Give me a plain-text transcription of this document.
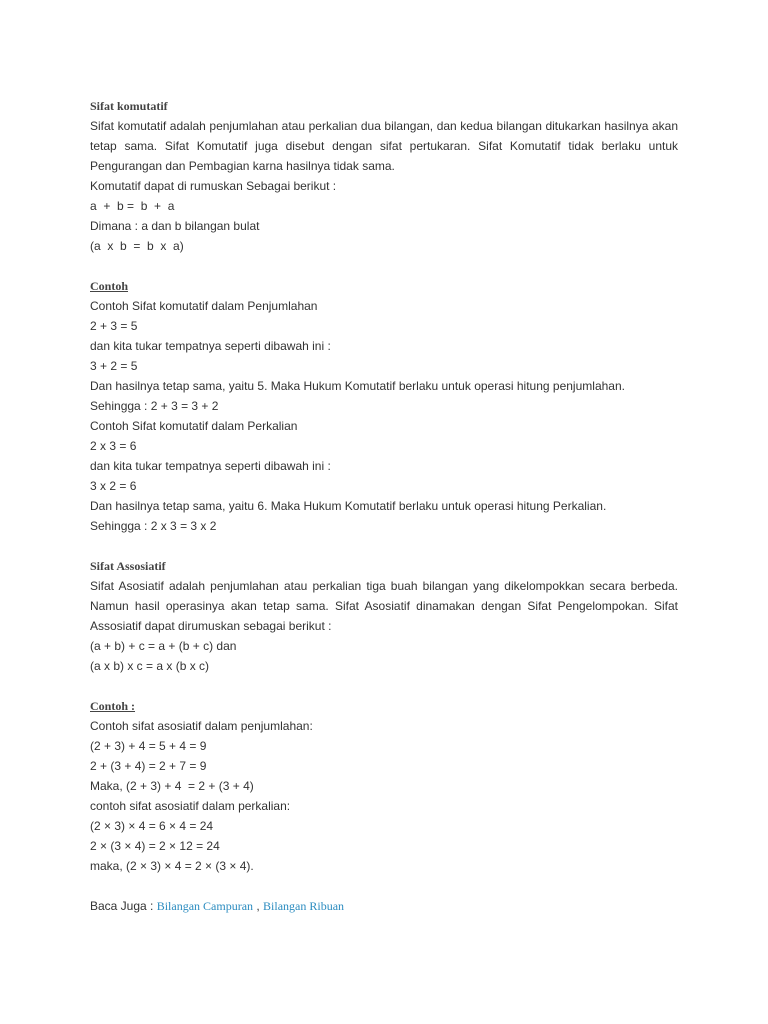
Sifat komutatif
Sifat komutatif adalah penjumlahan atau perkalian dua bilangan, dan kedua bilangan ditukarkan hasilnya akan tetap sama. Sifat Komutatif juga disebut dengan sifat pertukaran. Sifat Komutatif tidak berlaku untuk Pengurangan dan Pembagian karna hasilnya tidak sama.
Komutatif dapat di rumuskan Sebagai berikut :
a  +  b =  b  +  a
Dimana : a dan b bilangan bulat
(a  x  b  =  b  x  a)
Contoh
Contoh Sifat komutatif dalam Penjumlahan
2 + 3 = 5
dan kita tukar tempatnya seperti dibawah ini :
3 + 2 = 5
Dan hasilnya tetap sama, yaitu 5. Maka Hukum Komutatif berlaku untuk operasi hitung penjumlahan.
Sehingga : 2 + 3 = 3 + 2
Contoh Sifat komutatif dalam Perkalian
2 x 3 = 6
dan kita tukar tempatnya seperti dibawah ini :
3 x 2 = 6
Dan hasilnya tetap sama, yaitu 6. Maka Hukum Komutatif berlaku untuk operasi hitung Perkalian.
Sehingga : 2 x 3 = 3 x 2
Sifat Assosiatif
Sifat Asosiatif adalah penjumlahan atau perkalian tiga buah bilangan yang dikelompokkan secara berbeda. Namun hasil operasinya akan tetap sama. Sifat Asosiatif dinamakan dengan Sifat Pengelompokan. Sifat Assosiatif dapat dirumuskan sebagai berikut :
(a + b) + c = a + (b + c) dan
(a x b) x c = a x (b x c)
Contoh :
Contoh sifat asosiatif dalam penjumlahan:
(2 + 3) + 4 = 5 + 4 = 9
2 + (3 + 4) = 2 + 7 = 9
Maka, (2 + 3) + 4  = 2 + (3 + 4)
contoh sifat asosiatif dalam perkalian:
(2 × 3) × 4 = 6 × 4 = 24
2 × (3 × 4) = 2 × 12 = 24
maka, (2 × 3) × 4 = 2 × (3 × 4).
Baca Juga : Bilangan Campuran , Bilangan Ribuan
